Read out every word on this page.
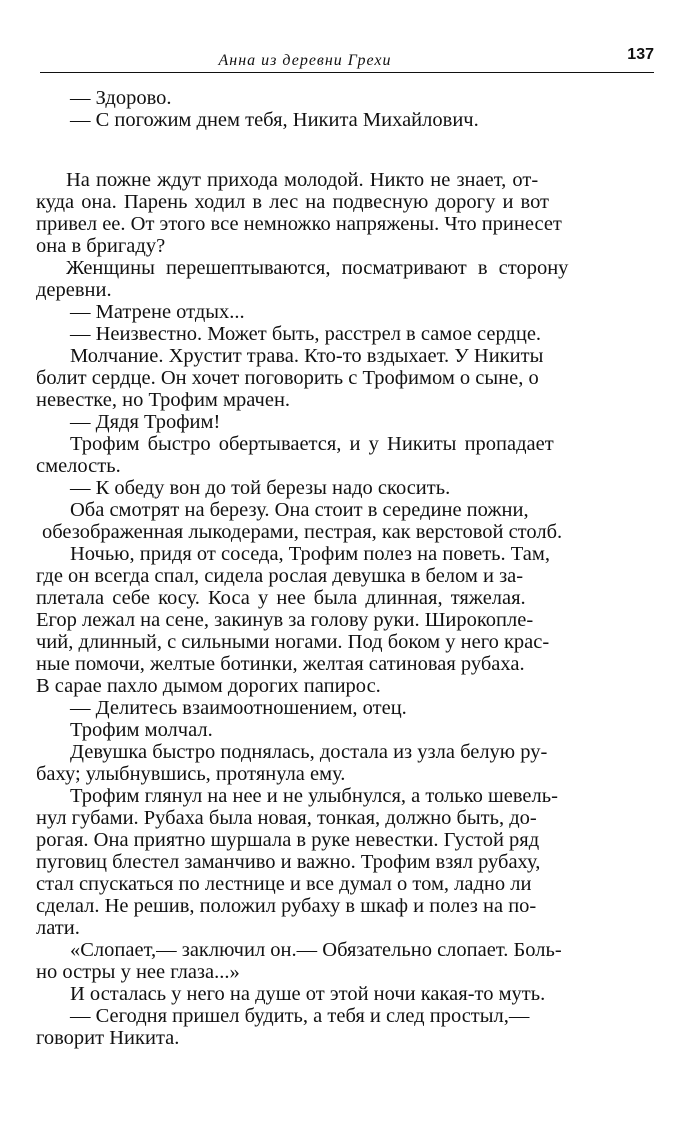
Анна из деревни Грехи	137
— Здорово.
— С погожим днем тебя, Никита Михайлович.
На пожне ждут прихода молодой. Никто не знает, от-
куда она. Парень ходил в лес на подвесную дорогу и вот
привел ее. От этого все немножко напряжены. Что принесет
она в бригаду?
Женщины перешептываются, посматривают в сторону
деревни.
— Матрене отдых...
— Неизвестно. Может быть, расстрел в самое сердце.
Молчание. Хрустит трава. Кто-то вздыхает. У Никиты
болит сердце. Он хочет поговорить с Трофимом о сыне, о
невестке, но Трофим мрачен.
— Дядя Трофим!
Трофим быстро обертывается, и у Никиты пропадает
смелость.
— К обеду вон до той березы надо скосить.
Оба смотрят на березу. Она стоит в середине пожни,
обезображенная лыкодерами, пестрая, как верстовой столб.
Ночью, придя от соседа, Трофим полез на поветь. Там,
где он всегда спал, сидела рослая девушка в белом и за-
плетала себе косу. Коса у нее была длинная, тяжелая.
Егор лежал на сене, закинув за голову руки. Широкопле-
чий, длинный, с сильными ногами. Под боком у него крас-
ные помочи, желтые ботинки, желтая сатиновая рубаха.
В сарае пахло дымом дорогих папирос.
— Делитесь взаимоотношением, отец.
Трофим молчал.
Девушка быстро поднялась, достала из узла белую ру-
баху; улыбнувшись, протянула ему.
Трофим глянул на нее и не улыбнулся, а только шевель-
нул губами. Рубаха была новая, тонкая, должно быть, до-
рогая. Она приятно шуршала в руке невестки. Густой ряд
пуговиц блестел заманчиво и важно. Трофим взял рубаху,
стал спускаться по лестнице и все думал о том, ладно ли
сделал. Не решив, положил рубаху в шкаф и полез на по-
лати.
«Слопает,— заключил он.— Обязательно слопает. Боль-
но остры у нее глаза...»
И осталась у него на душе от этой ночи какая-то муть.
— Сегодня пришел будить, а тебя и след простыл,—
говорит Никита.
